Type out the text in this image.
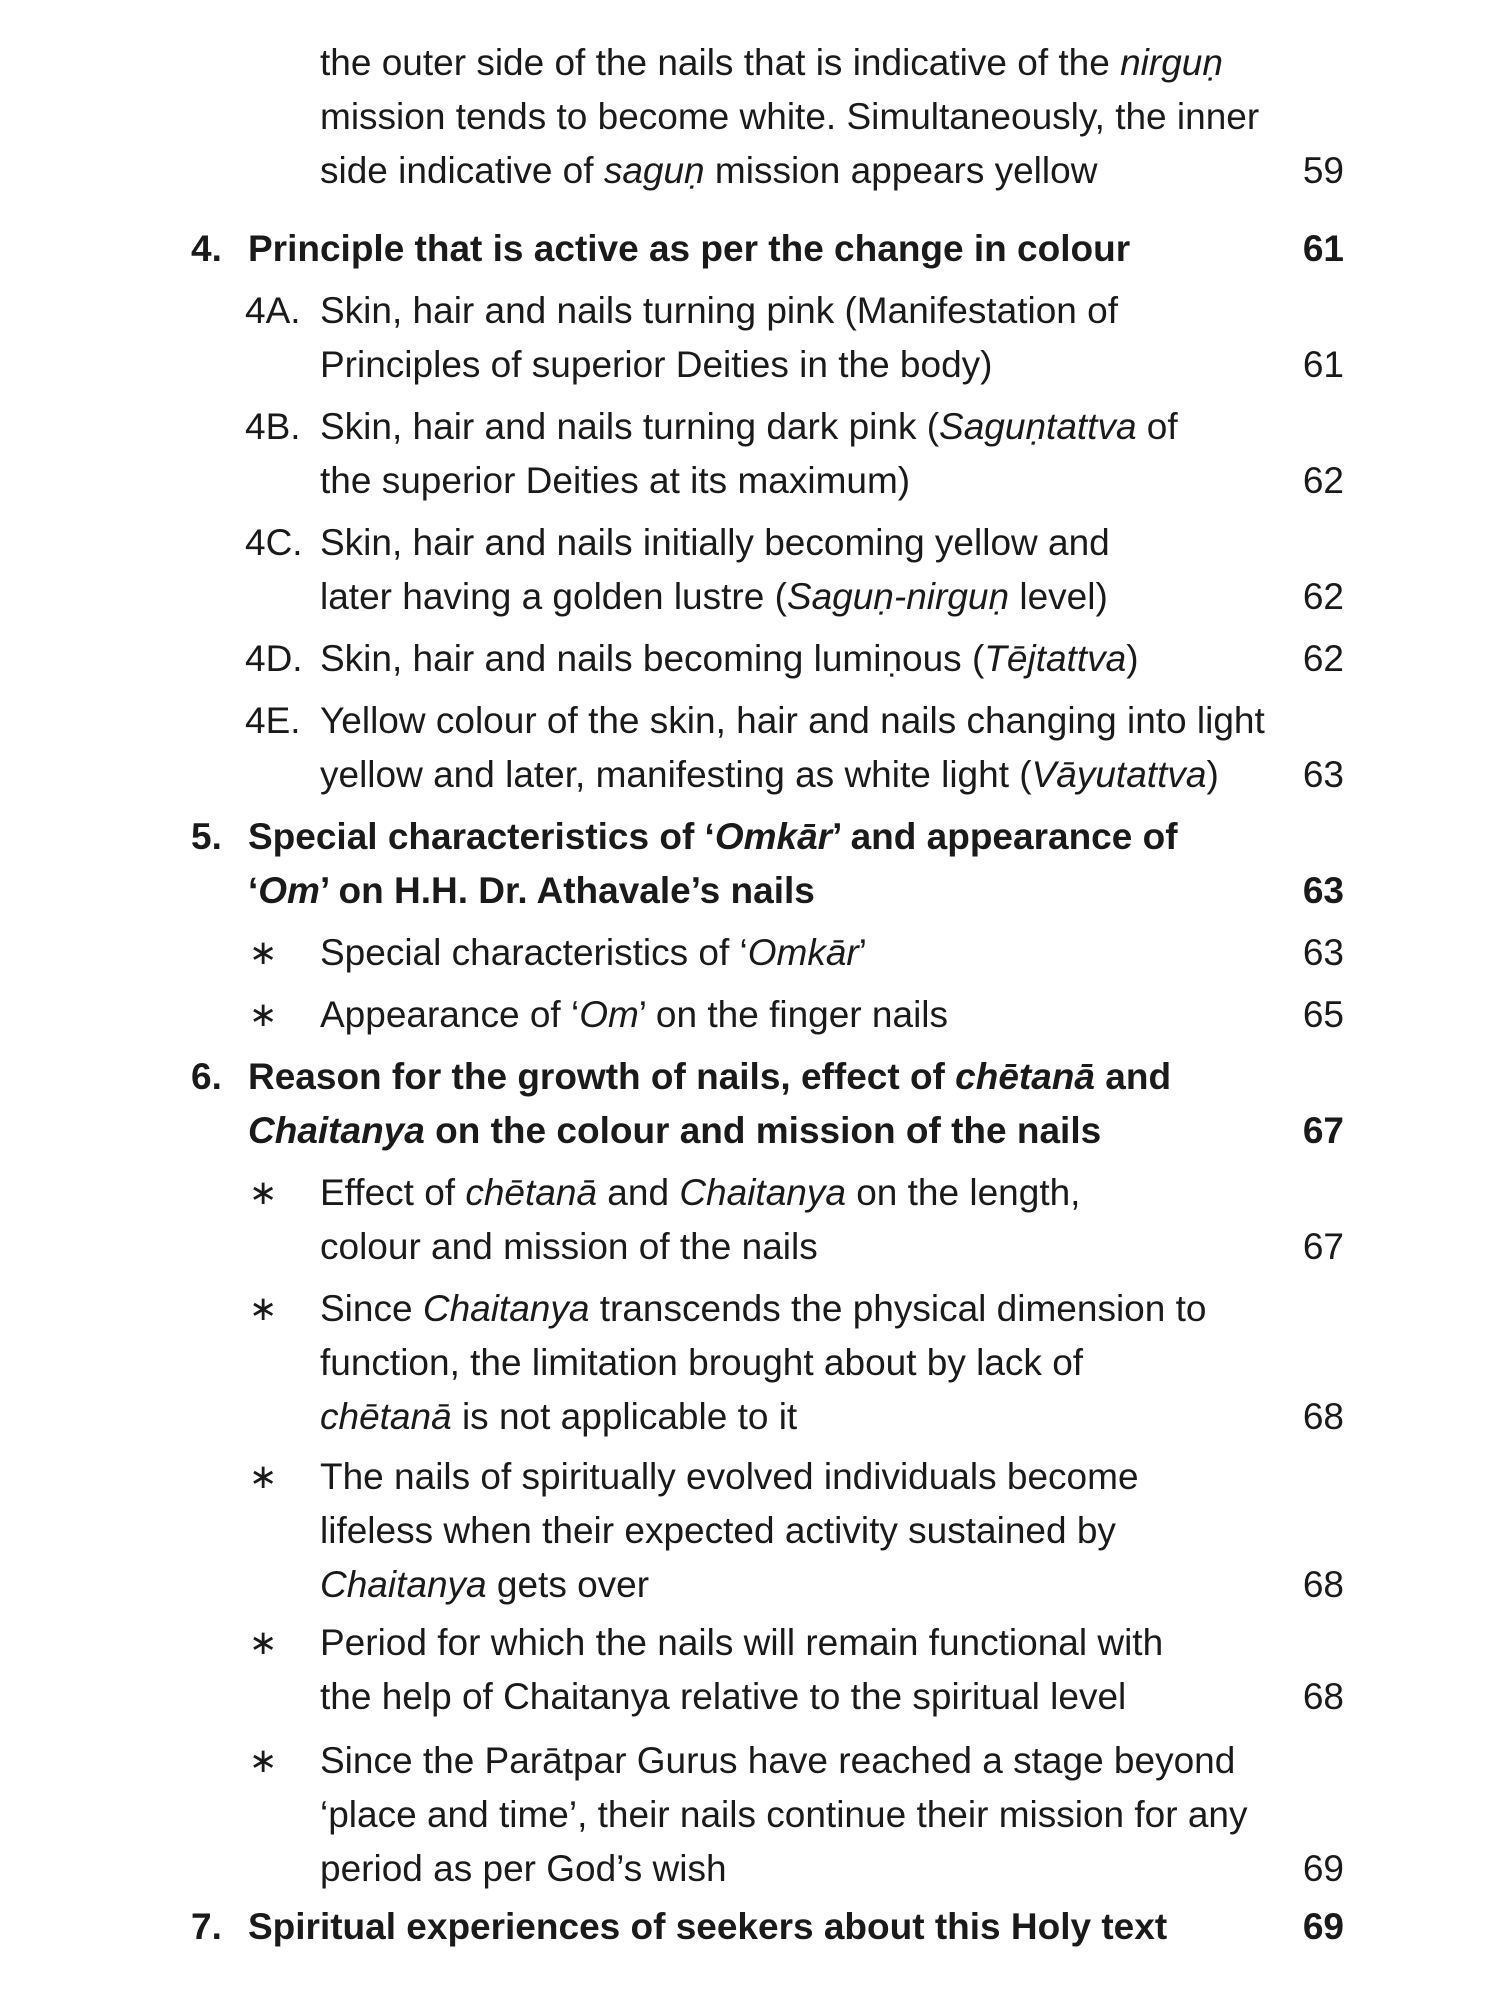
the outer side of the nails that is indicative of the nirguṇ
mission tends to become white. Simultaneously, the inner
side indicative of saguṇ mission appears yellow	59
4. Principle that is active as per the change in colour	61
4A. Skin, hair and nails turning pink (Manifestation of
Principles of superior Deities in the body)	61
4B. Skin, hair and nails turning dark pink (Saguṇtattva of
the superior Deities at its maximum)	62
4C. Skin, hair and nails initially becoming yellow and
later having a golden lustre (Saguṇ-nirguṇ level)	62
4D. Skin, hair and nails becoming lumiṇous (Tējtattva)	62
4E. Yellow colour of the skin, hair and nails changing into light
yellow and later, manifesting as white light (Vāyutattva)	63
5. Special characteristics of ‘Omkār’ and appearance of
‘Om’ on H.H. Dr. Athavale’s nails	63
∗	Special characteristics of ‘Omkār’	63
∗	Appearance of ‘Om’ on the finger nails	65
6. Reason for the growth of nails, effect of chētanā and
Chaitanya on the colour and mission of the nails	67
∗	Effect of chētanā and Chaitanya on the length,
colour and mission of the nails	67
∗	Since Chaitanya transcends the physical dimension to
function, the limitation brought about by lack of
chētanā is not applicable to it	68
∗	The nails of spiritually evolved individuals become
lifeless when their expected activity sustained by
Chaitanya gets over	68
∗	Period for which the nails will remain functional with
the help of Chaitanya relative to the spiritual level	68
∗	Since the Parātpar Gurus have reached a stage beyond
‘place and time’, their nails continue their mission for any
period as per God’s wish	69
7. Spiritual experiences of seekers about this Holy text	69
